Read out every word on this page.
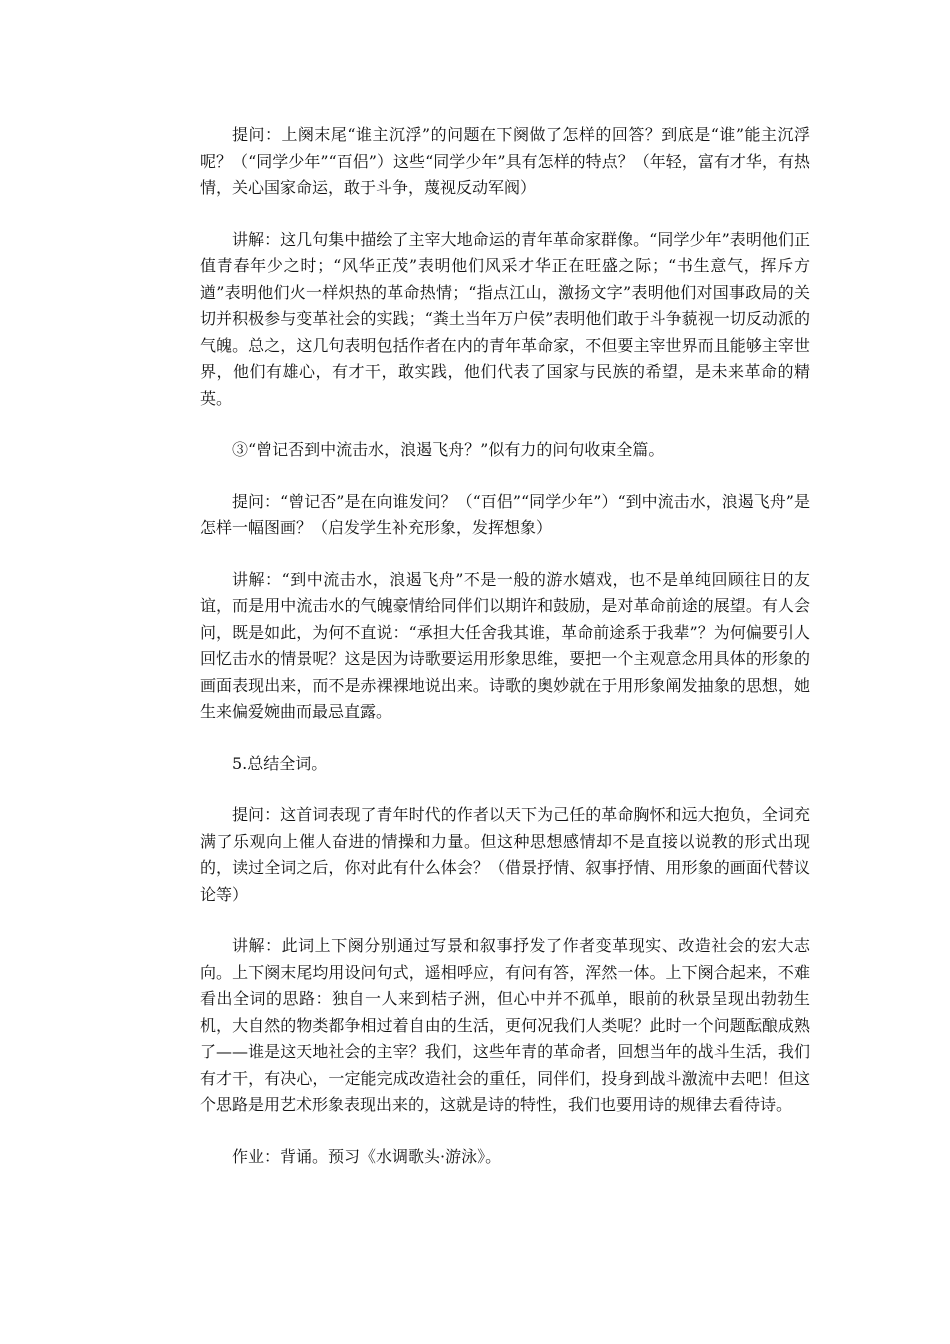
提问：上阕末尾“谁主沉浮”的问题在下阕做了怎样的回答？到底是“谁”能主沉浮呢？（“同学少年”“百侣”）这些“同学少年”具有怎样的特点？（年轻，富有才华，有热情，关心国家命运，敢于斗争，蔑视反动军阀）

讲解：这几句集中描绘了主宰大地命运的青年革命家群像。“同学少年”表明他们正值青春年少之时；“风华正茂”表明他们风采才华正在旺盛之际；“书生意气，挥斥方遒”表明他们火一样炽热的革命热情；“指点江山，激扬文字”表明他们对国事政局的关切并积极参与变革社会的实践；“粪土当年万户侯”表明他们敢于斗争藐视一切反动派的气魄。总之，这几句表明包括作者在内的青年革命家，不但要主宰世界而且能够主宰世界，他们有雄心，有才干，敢实践，他们代表了国家与民族的希望，是未来革命的精英。

③“曾记否到中流击水，浪遏飞舟？”似有力的问句收束全篇。

提问：“曾记否”是在向谁发问？（“百侣”“同学少年”）“到中流击水，浪遏飞舟”是怎样一幅图画？（启发学生补充形象，发挥想象）

讲解：“到中流击水，浪遏飞舟”不是一般的游水嬉戏，也不是单纯回顾往日的友谊，而是用中流击水的气魄豪情给同伴们以期许和鼓励，是对革命前途的展望。有人会问，既是如此，为何不直说：“承担大任舍我其谁，革命前途系于我辈”？为何偏要引人回忆击水的情景呢？这是因为诗歌要运用形象思维，要把一个主观意念用具体的形象的画面表现出来，而不是赤裸裸地说出来。诗歌的奥妙就在于用形象阐发抽象的思想，她生来偏爱婉曲而最忌直露。

5.总结全词。

提问：这首词表现了青年时代的作者以天下为己任的革命胸怀和远大抱负，全词充满了乐观向上催人奋进的情操和力量。但这种思想感情却不是直接以说教的形式出现的，读过全词之后，你对此有什么体会？（借景抒情、叙事抒情、用形象的画面代替议论等）

讲解：此词上下阕分别通过写景和叙事抒发了作者变革现实、改造社会的宏大志向。上下阕末尾均用设问句式，遥相呼应，有问有答，浑然一体。上下阕合起来，不难看出全词的思路：独自一人来到桔子洲，但心中并不孤单，眼前的秋景呈现出勃勃生机，大自然的物类都争相过着自由的生活，更何况我们人类呢？此时一个问题酝酿成熟了——谁是这天地社会的主宰？我们，这些年青的革命者，回想当年的战斗生活，我们有才干，有决心，一定能完成改造社会的重任，同伴们，投身到战斗激流中去吧！但这个思路是用艺术形象表现出来的，这就是诗的特性，我们也要用诗的规律去看待诗。

作业：背诵。预习《水调歌头·游泳》。
